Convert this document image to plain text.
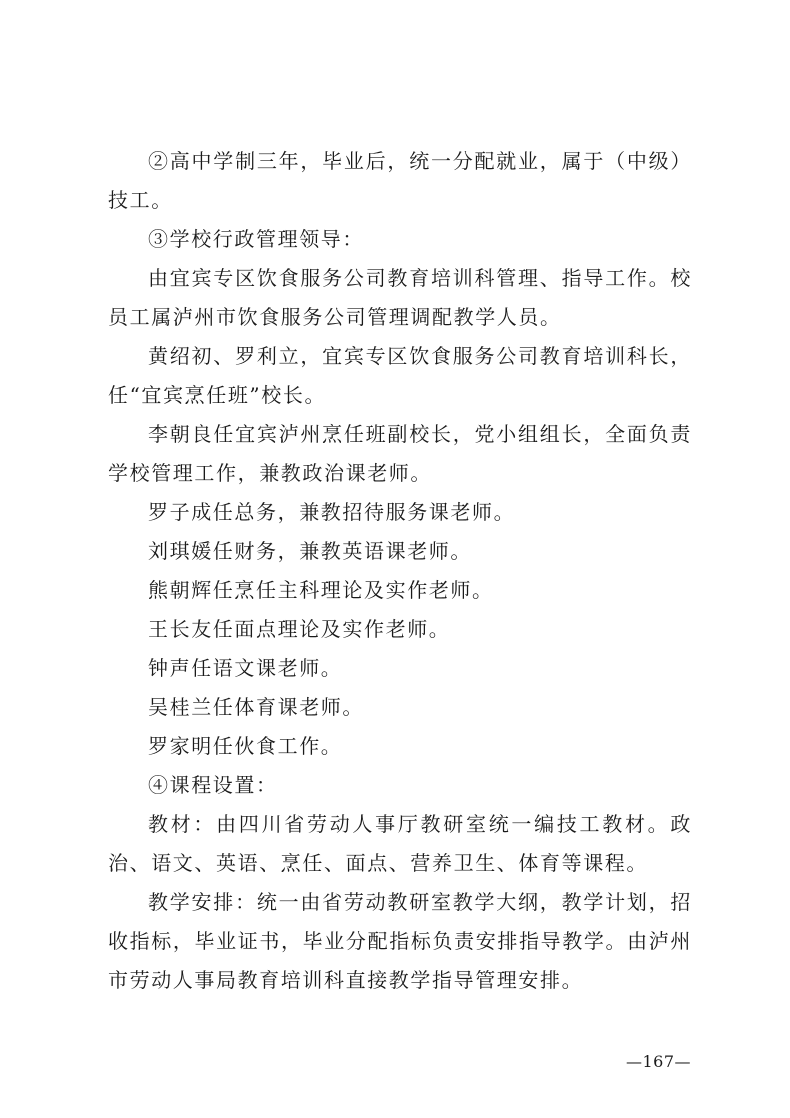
②高中学制三年，毕业后，统一分配就业，属于（中级）技工。

③学校行政管理领导：

由宜宾专区饮食服务公司教育培训科管理、指导工作。校员工属泸州市饮食服务公司管理调配教学人员。

黄绍初、罗利立，宜宾专区饮食服务公司教育培训科长，任“宜宾烹任班”校长。

李朝良任宜宾泸州烹任班副校长，党小组组长，全面负责学校管理工作，兼教政治课老师。

罗子成任总务，兼教招待服务课老师。

刘琪媛任财务，兼教英语课老师。

熊朝辉任烹任主科理论及实作老师。

王长友任面点理论及实作老师。

钟声任语文课老师。

吴桂兰任体育课老师。

罗家明任伙食工作。

④课程设置：

教材：由四川省劳动人事厅教研室统一编技工教材。政治、语文、英语、烹任、面点、营养卫生、体育等课程。

教学安排：统一由省劳动教研室教学大纲，教学计划，招收指标，毕业证书，毕业分配指标负责安排指导教学。由泸州市劳动人事局教育培训科直接教学指导管理安排。

—167—
